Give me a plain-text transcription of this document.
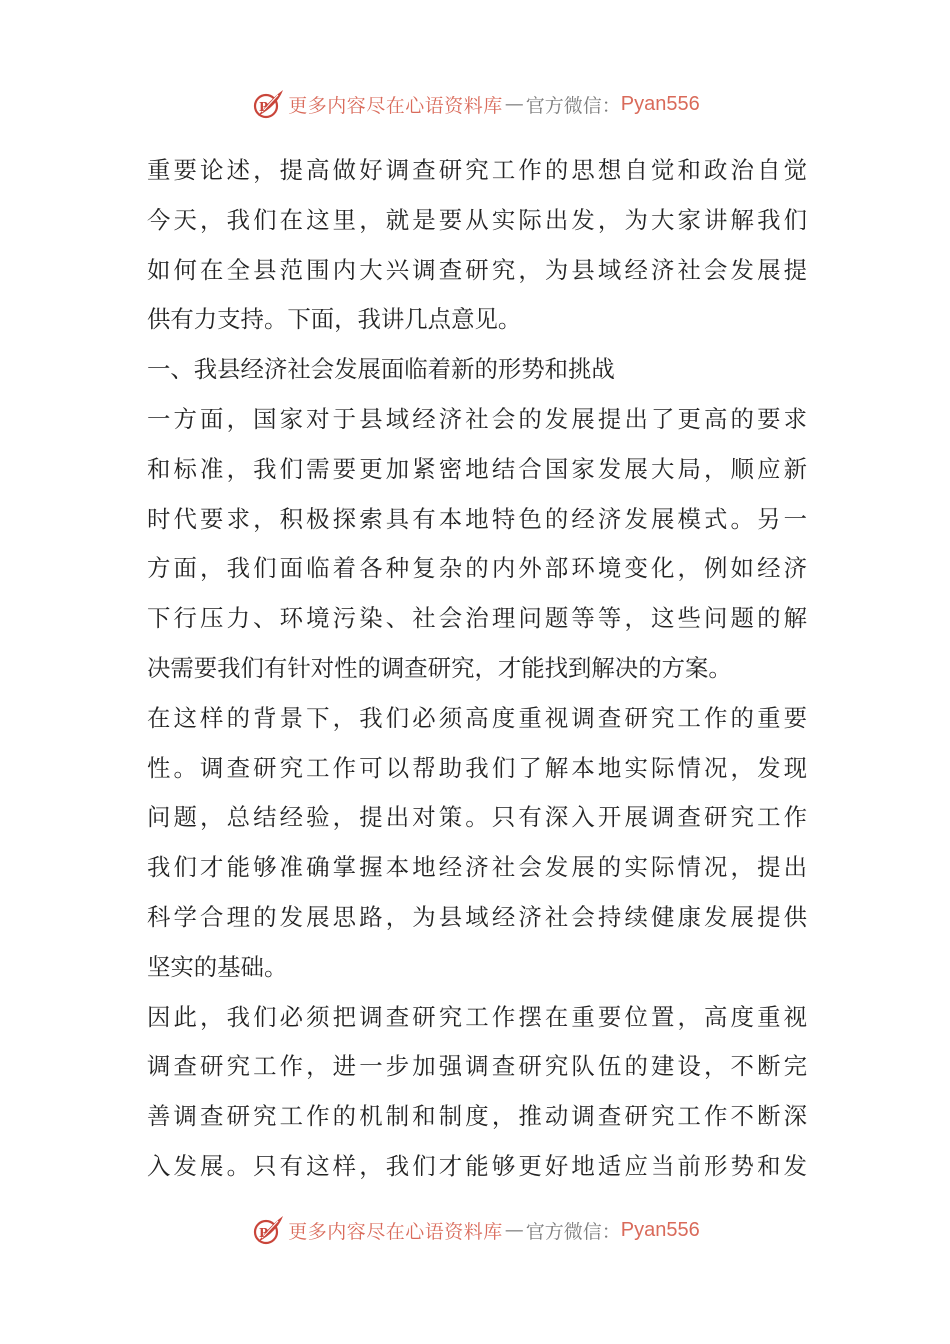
P 更多内容尽在心语资料库 — 官方微信： Pyan556
重要论述，提高做好调查研究工作的思想自觉和政治自觉
今天，我们在这里，就是要从实际出发，为大家讲解我们
如何在全县范围内大兴调查研究，为县域经济社会发展提
供有力支持。下面，我讲几点意见。
一、我县经济社会发展面临着新的形势和挑战
一方面，国家对于县域经济社会的发展提出了更高的要求
和标准，我们需要更加紧密地结合国家发展大局，顺应新
时代要求，积极探索具有本地特色的经济发展模式。另一
方面，我们面临着各种复杂的内外部环境变化，例如经济
下行压力、环境污染、社会治理问题等等，这些问题的解
决需要我们有针对性的调查研究，才能找到解决的方案。
在这样的背景下，我们必须高度重视调查研究工作的重要
性。调查研究工作可以帮助我们了解本地实际情况，发现
问题，总结经验，提出对策。只有深入开展调查研究工作
我们才能够准确掌握本地经济社会发展的实际情况，提出
科学合理的发展思路，为县域经济社会持续健康发展提供
坚实的基础。
因此，我们必须把调查研究工作摆在重要位置，高度重视
调查研究工作，进一步加强调查研究队伍的建设，不断完
善调查研究工作的机制和制度，推动调查研究工作不断深
入发展。只有这样，我们才能够更好地适应当前形势和发
P 更多内容尽在心语资料库 — 官方微信： Pyan556
